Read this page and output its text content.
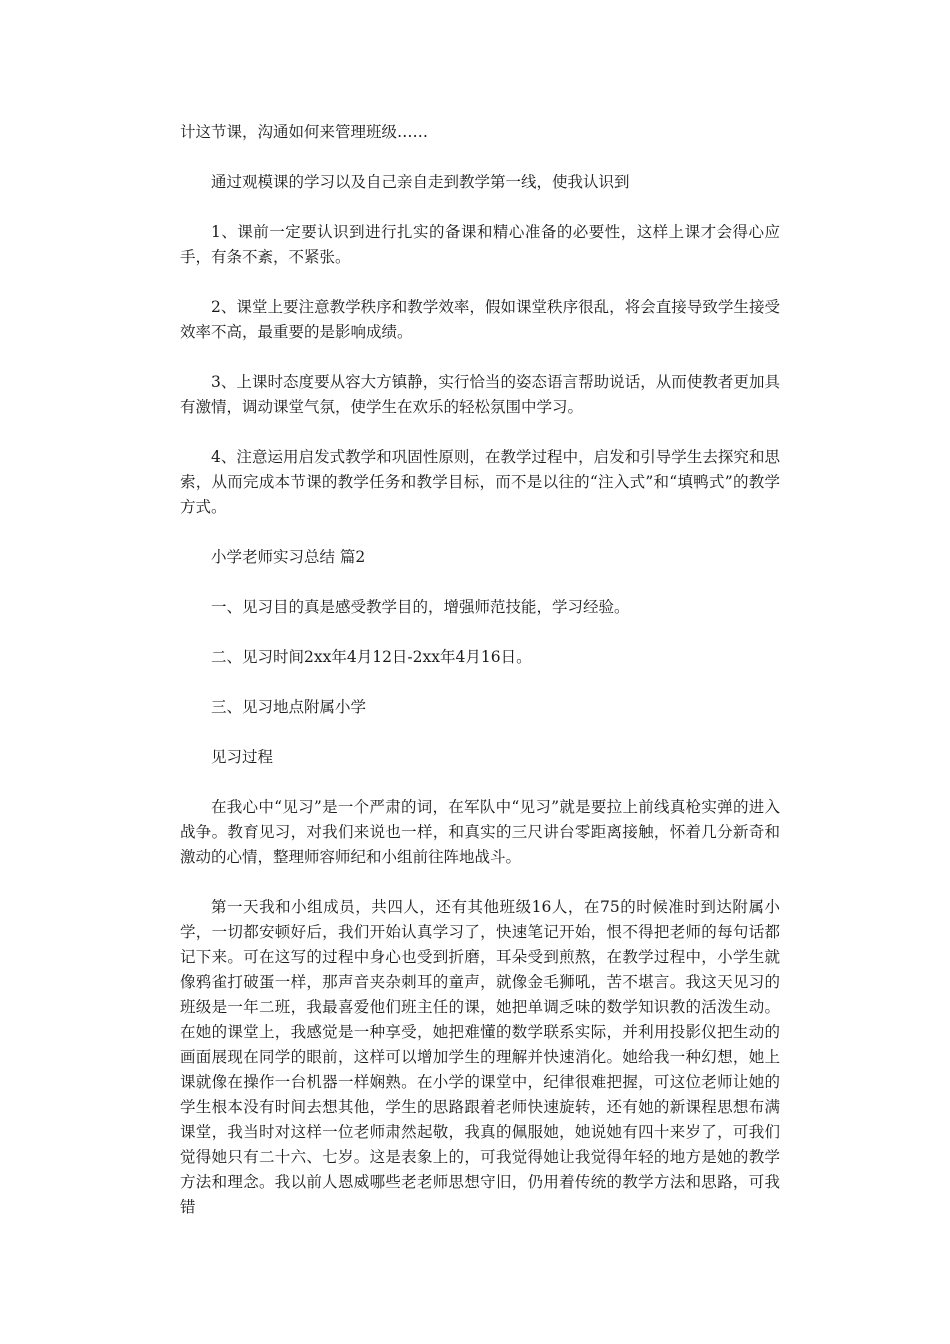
计这节课，沟通如何来管理班级……

通过观模课的学习以及自己亲自走到教学第一线，使我认识到

1、课前一定要认识到进行扎实的备课和精心准备的必要性，这样上课才会得心应手，有条不紊，不紧张。

2、课堂上要注意教学秩序和教学效率，假如课堂秩序很乱，将会直接导致学生接受效率不高，最重要的是影响成绩。

3、上课时态度要从容大方镇静，实行恰当的姿态语言帮助说话，从而使教者更加具有激情，调动课堂气氛，使学生在欢乐的轻松氛围中学习。

4、注意运用启发式教学和巩固性原则，在教学过程中，启发和引导学生去探究和思索，从而完成本节课的教学任务和教学目标，而不是以往的“注入式”和“填鸭式”的教学方式。

小学老师实习总结 篇2

一、见习目的真是感受教学目的，增强师范技能，学习经验。

二、见习时间2xx年4月12日-2xx年4月16日。

三、见习地点附属小学

见习过程

在我心中“见习”是一个严肃的词，在军队中“见习”就是要拉上前线真枪实弹的进入战争。教育见习，对我们来说也一样，和真实的三尺讲台零距离接触，怀着几分新奇和激动的心情，整理师容师纪和小组前往阵地战斗。

第一天我和小组成员，共四人，还有其他班级16人，在75的时候准时到达附属小学，一切都安顿好后，我们开始认真学习了，快速笔记开始，恨不得把老师的每句话都记下来。可在这写的过程中身心也受到折磨，耳朵受到煎熬，在教学过程中，小学生就像鸦雀打破蛋一样，那声音夹杂刺耳的童声，就像金毛狮吼，苦不堪言。我这天见习的班级是一年二班，我最喜爱他们班主任的课，她把单调乏味的数学知识教的活泼生动。在她的课堂上，我感觉是一种享受，她把难懂的数学联系实际，并利用投影仪把生动的画面展现在同学的眼前，这样可以增加学生的理解并快速消化。她给我一种幻想，她上课就像在操作一台机器一样娴熟。在小学的课堂中，纪律很难把握，可这位老师让她的学生根本没有时间去想其他，学生的思路跟着老师快速旋转，还有她的新课程思想布满课堂，我当时对这样一位老师肃然起敬，我真的佩服她，她说她有四十来岁了，可我们觉得她只有二十六、七岁。这是表象上的，可我觉得她让我觉得年轻的地方是她的教学方法和理念。我以前人恩威哪些老老师思想守旧，仍用着传统的教学方法和思路，可我错
